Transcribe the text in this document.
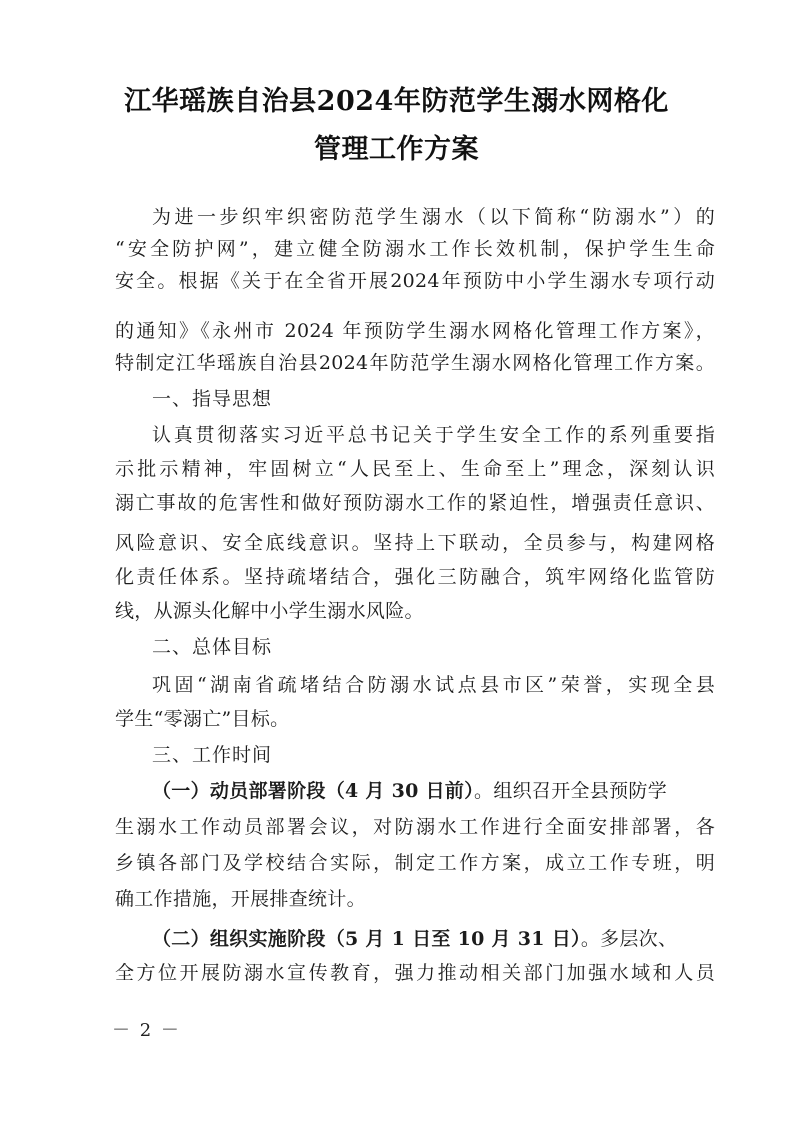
江华瑶族自治县2024年防范学生溺水网格化
管理工作方案
为进一步织牢织密防范学生溺水（以下简称“防溺水”）的
“安全防护网”，建立健全防溺水工作长效机制，保护学生生命
安全。根据《关于在全省开展2024年预防中小学生溺水专项行动
的通知》《永州市 2024 年预防学生溺水网格化管理工作方案》，
特制定江华瑶族自治县2024年防范学生溺水网格化管理工作方案。
一、指导思想
认真贯彻落实习近平总书记关于学生安全工作的系列重要指
示批示精神，牢固树立“人民至上、生命至上”理念，深刻认识
溺亡事故的危害性和做好预防溺水工作的紧迫性，增强责任意识、
风险意识、安全底线意识。坚持上下联动，全员参与，构建网格
化责任体系。坚持疏堵结合，强化三防融合，筑牢网络化监管防
线，从源头化解中小学生溺水风险。
二、总体目标
巩固“湖南省疏堵结合防溺水试点县市区”荣誉，实现全县
学生“零溺亡”目标。
三、工作时间
（一）动员部署阶段（4 月 30 日前）。组织召开全县预防学
生溺水工作动员部署会议，对防溺水工作进行全面安排部署，各
乡镇各部门及学校结合实际，制定工作方案，成立工作专班，明
确工作措施，开展排查统计。
（二）组织实施阶段（5 月 1 日至 10 月 31 日）。多层次、
全方位开展防溺水宣传教育，强力推动相关部门加强水域和人员
－ 2 －
